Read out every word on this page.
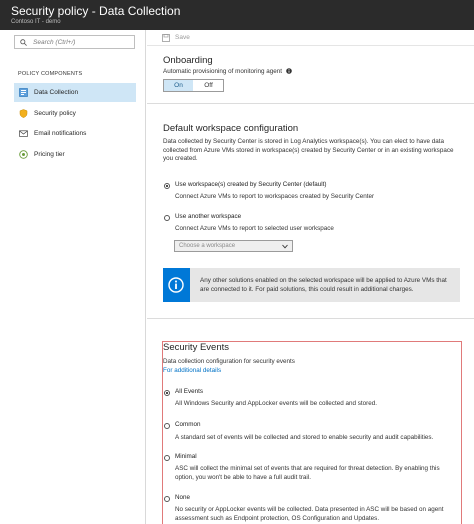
Security policy - Data Collection
Contoso IT - demo
Search (Ctrl+/)
POLICY COMPONENTS
Data Collection
Security policy
Email notifications
Pricing tier
Save
Onboarding
Automatic provisioning of monitoring agent
On	Off
Default workspace configuration
Data collected by Security Center is stored in Log Analytics workspace(s). You can elect to have data collected from Azure VMs stored in workspace(s) created by Security Center or in an existing workspace you created.
Use workspace(s) created by Security Center (default)
Connect Azure VMs to report to workspaces created by Security Center
Use another workspace
Connect Azure VMs to report to selected user workspace
Choose a workspace
Any other solutions enabled on the selected workspace will be applied to Azure VMs that are connected to it. For paid solutions, this could result in additional charges.
Security Events
Data collection configuration for security events
For additional details
All Events
All Windows Security and AppLocker events will be collected and stored.
Common
A standard set of events will be collected and stored to enable security and audit capabilities.
Minimal
ASC will collect the minimal set of events that are required for threat detection. By enabling this option, you won't be able to have a full audit trail.
None
No security or AppLocker events will be collected. Data presented in ASC will be based on agent assessment such as Endpoint protection, OS Configuration and Updates.
